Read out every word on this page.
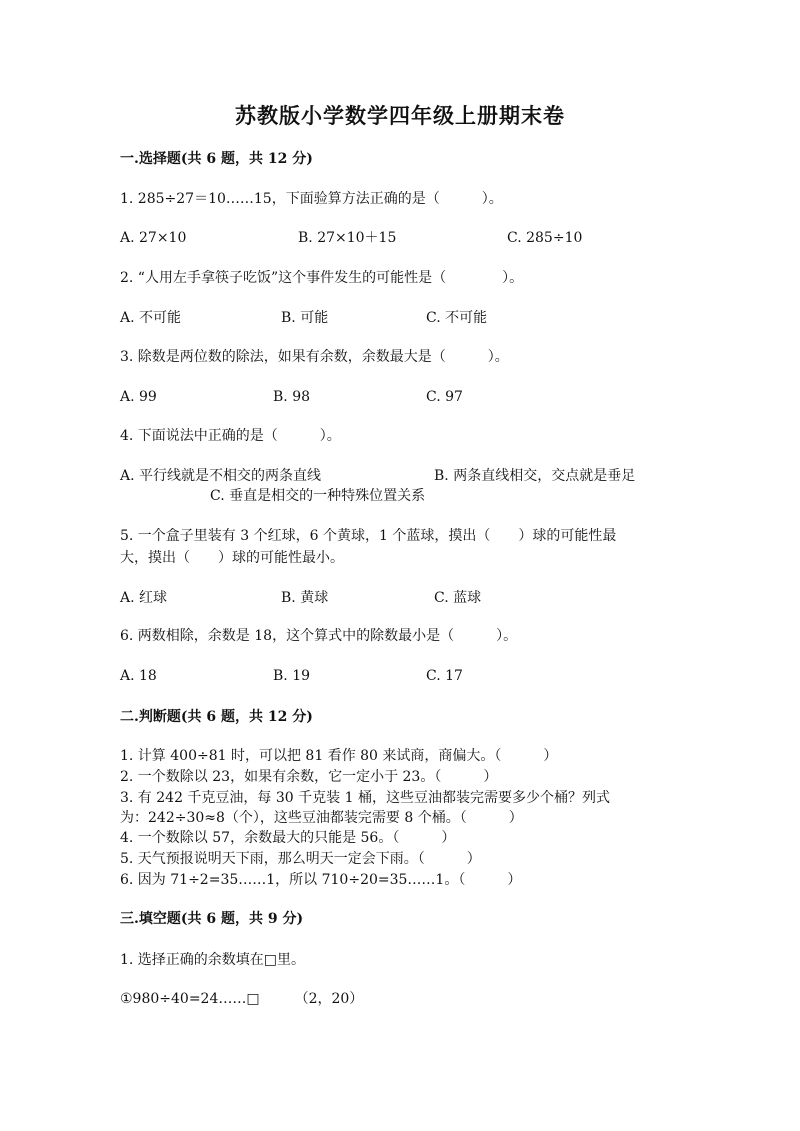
苏教版小学数学四年级上册期末卷
一.选择题(共 6 题，共 12 分)
1. 285÷27＝10……15，下面验算方法正确的是（　　　）。
A. 27×10	B. 27×10＋15	C. 285÷10
2. “人用左手拿筷子吃饭”这个事件发生的可能性是（　　　　）。
A. 不可能	B. 可能	C. 不可能
3. 除数是两位数的除法，如果有余数，余数最大是（　　　）。
A. 99	B. 98	C. 97
4. 下面说法中正确的是（　　　）。
A. 平行线就是不相交的两条直线	B. 两条直线相交，交点就是垂足
C. 垂直是相交的一种特殊位置关系
5. 一个盒子里装有 3 个红球，6 个黄球，1 个蓝球，摸出（　　）球的可能性最
大，摸出（　　）球的可能性最小。
A. 红球	B. 黄球	C. 蓝球
6. 两数相除，余数是 18，这个算式中的除数最小是（　　　）。
A. 18	B. 19	C. 17
二.判断题(共 6 题，共 12 分)
1. 计算 400÷81 时，可以把 81 看作 80 来试商，商偏大。（　　　）
2. 一个数除以 23，如果有余数，它一定小于 23。（　　　）
3. 有 242 千克豆油，每 30 千克装 1 桶，这些豆油都装完需要多少个桶？列式
为：242÷30≈8（个），这些豆油都装完需要 8 个桶。（　　　）
4. 一个数除以 57，余数最大的只能是 56。（　　　）
5. 天气预报说明天下雨，那么明天一定会下雨。（　　　）
6. 因为 71÷2=35……1，所以 710÷20=35……1。（　　　）
三.填空题(共 6 题，共 9 分)
1. 选择正确的余数填在□里。
①980÷40=24……□　　　（2，20）
